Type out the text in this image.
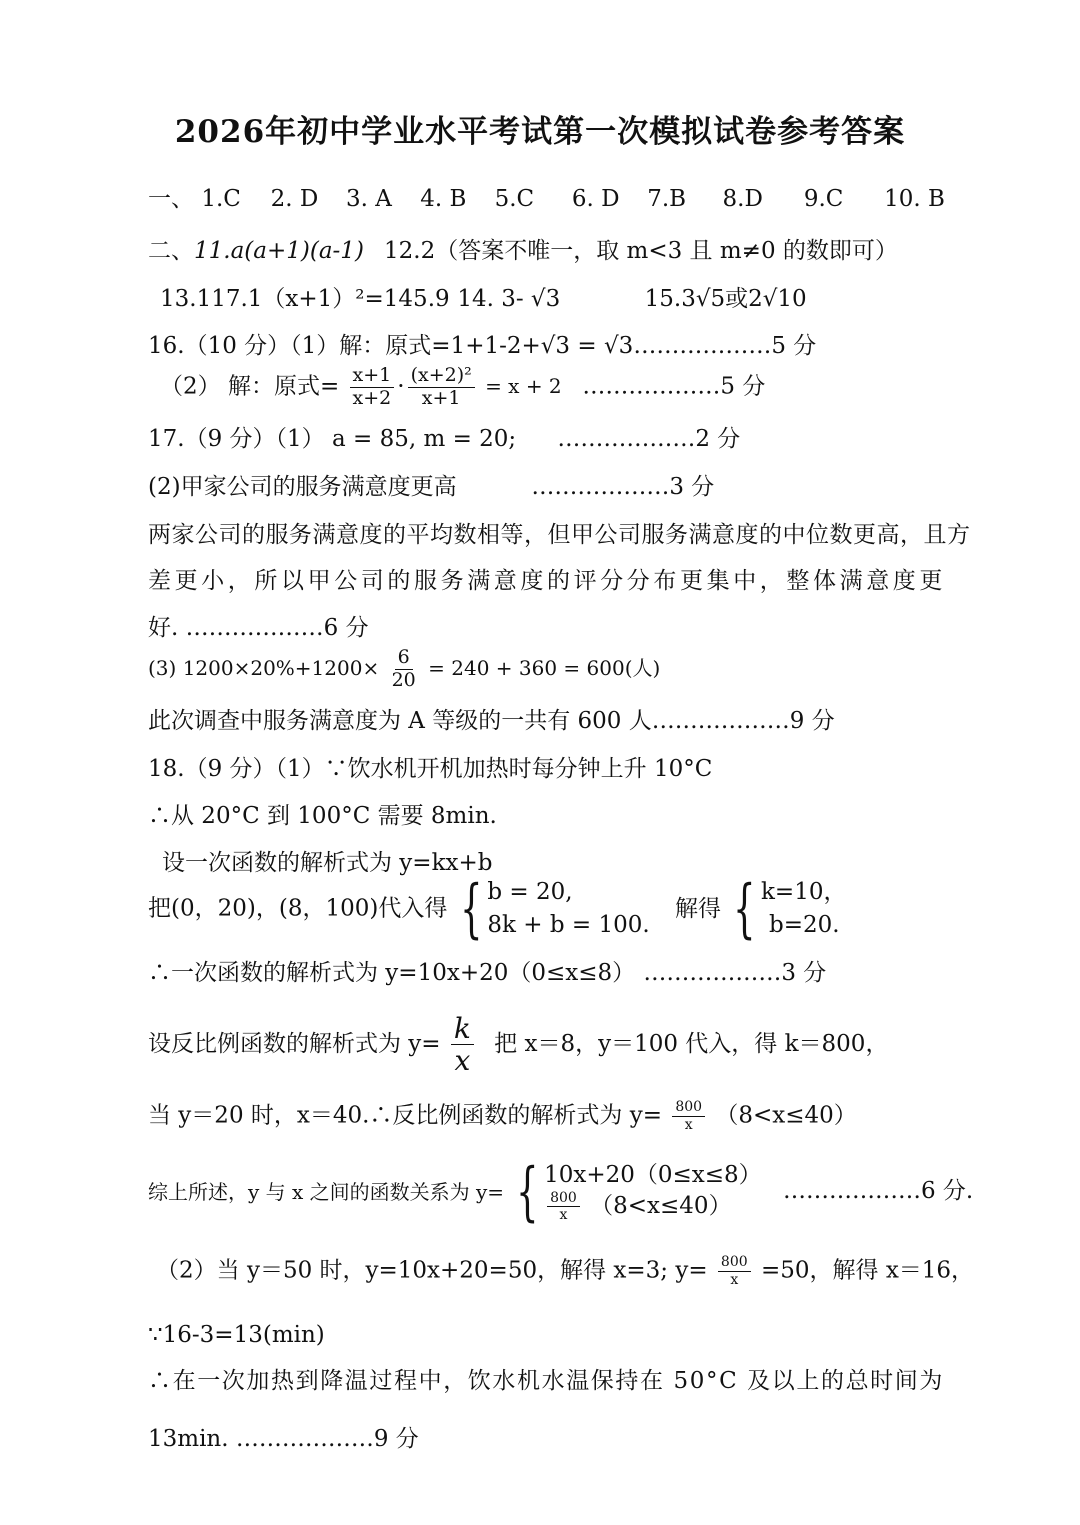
2026年初中学业水平考试第一次模拟试卷参考答案
一、 1.C 2. D 3. A 4. B 5.C 6. D 7.B 8.D 9.C 10. B
二、11.a(a+1)(a-1) 12.2（答案不唯一，取 m<3 且 m≠0 的数即可）
13.117.1（x+1）²=145.9 14. 3- √3	15.3√5或2√10
16.（10 分）（1）解：原式=1+1-2+√3 = √3 ………………5 分
（2） 解：原式= $\frac{x+1}{x+2} \cdot \frac{\text{(x+2)²}}{x+1} = x + 2$ ………………5 分
17.（9 分）（1） a = 85, m = 20; ………………2 分
(2)甲家公司的服务满意度更高	………………3 分
两家公司的服务满意度的平均数相等，但甲公司服务满意度的中位数更高，且方
差更小，所以甲公司的服务满意度的评分分布更集中，整体满意度更
好. ………………6 分
(3) $1200\times 20\%+1200\times \frac{6}{20} = 240 + 360 = 600$(人)
此次调查中服务满意度为 A 等级的一共有 600 人………………9 分
18.（9 分）（1）∵饮水机开机加热时每分钟上升 10°C
∴从 20°C 到 100°C 需要 8min.
设一次函数的解析式为 y=kx+b
把(0，20)，(8，100)代入得 { b = 20,
8k + b = 100.
解得 { k=10，
b=20.
∴一次函数的解析式为 y=10x+20（0≤x≤8） ………………3 分
设反比例函数的解析式为 $y= \frac{k}{x}$ 把 x＝8，y＝100 代入，得 k＝800，
当 y＝20 时，x＝40.∴反比例函数的解析式为 $y= \frac{800}{x} (8<x\le 40)$
综上所述，y 与 x 之间的函数关系为 y= { 10x+20（0≤x≤8）
$\frac{800}{x} (8<x\le 40)$
………………6 分.
（2）当 y＝50 时，y=10x+20=50，解得 x=3; $y= \frac{800}{x} =50$，解得 x＝16，
∵16-3=13(min)
∴在一次加热到降温过程中，饮水机水温保持在 50°C 及以上的总时间为
13min. ………………9 分
